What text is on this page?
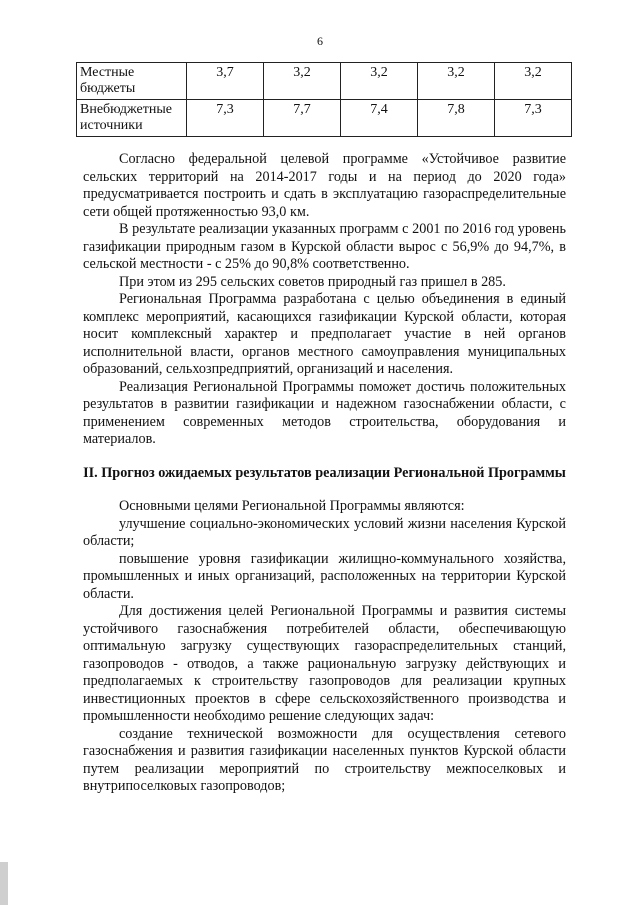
6
Местные бюджеты	3,7	3,2	3,2	3,2	3,2
Внебюджетные источники	7,3	7,7	7,4	7,8	7,3

Согласно федеральной целевой программе «Устойчивое развитие сельских территорий на 2014-2017 годы и на период до 2020 года» предусматривается построить и сдать в эксплуатацию газораспределительные сети общей протяженностью 93,0 км.

В результате реализации указанных программ с 2001 по 2016 год уровень газификации природным газом в Курской области вырос с 56,9% до 94,7%, в сельской местности - с 25% до 90,8% соответственно.

При этом из 295 сельских советов природный газ пришел в 285.

Региональная Программа разработана с целью объединения в единый комплекс мероприятий, касающихся газификации Курской области, которая носит комплексный характер и предполагает участие в ней органов исполнительной власти, органов местного самоуправления муниципальных образований, сельхозпредприятий, организаций и населения.

Реализация Региональной Программы поможет достичь положительных результатов в развитии газификации и надежном газоснабжении области, с применением современных методов строительства, оборудования и материалов.

II. Прогноз ожидаемых результатов реализации Региональной Программы

Основными целями Региональной Программы являются:

улучшение социально-экономических условий жизни населения Курской области;

повышение уровня газификации жилищно-коммунального хозяйства, промышленных и иных организаций, расположенных на территории Курской области.

Для достижения целей Региональной Программы и развития системы устойчивого газоснабжения потребителей области, обеспечивающую оптимальную загрузку существующих газораспределительных станций, газопроводов - отводов, а также рациональную загрузку действующих и предполагаемых к строительству газопроводов для реализации крупных инвестиционных проектов в сфере сельскохозяйственного производства и промышленности необходимо решение следующих задач:

создание технической возможности для осуществления сетевого газоснабжения и развития газификации населенных пунктов Курской области путем реализации мероприятий по строительству межпоселковых и внутрипоселковых газопроводов;
